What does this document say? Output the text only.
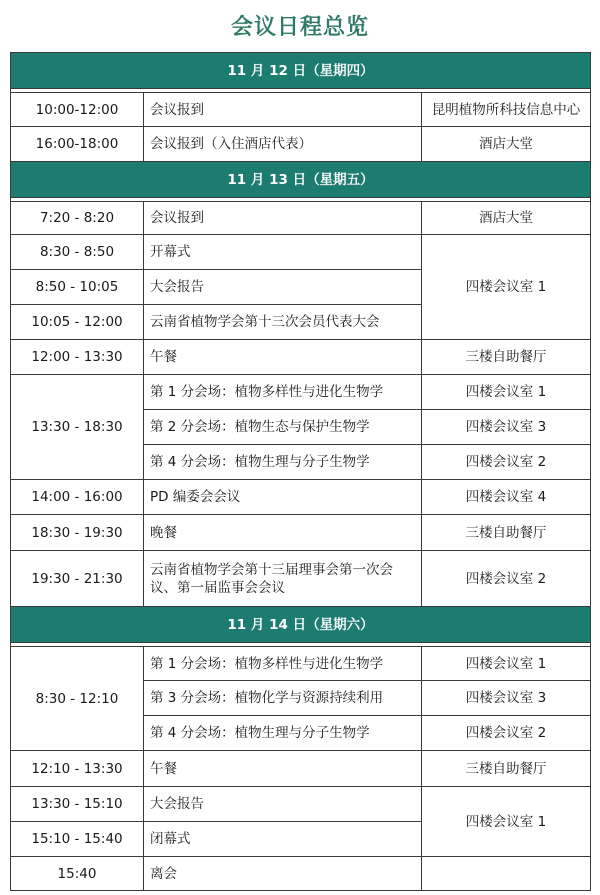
会议日程总览
11 月 12 日（星期四）		

10:00-12:00	会议报到	昆明植物所科技信息中心
16:00-18:00	会议报到（入住酒店代表）	酒店大堂
11 月 13 日（星期五）		

7:20 - 8:20	会议报到	酒店大堂
8:30 - 8:50	开幕式	四楼会议室 1
8:50 - 10:05	大会报告	
10:05 - 12:00	云南省植物学会第十三次会员代表大会	
12:00 - 13:30	午餐	三楼自助餐厅
13:30 - 18:30	第 1 分会场：植物多样性与进化生物学	四楼会议室 1
	第 2 分会场：植物生态与保护生物学	四楼会议室 3
	第 4 分会场：植物生理与分子生物学	四楼会议室 2
14:00 - 16:00	PD 编委会会议	四楼会议室 4
18:30 - 19:30	晚餐	三楼自助餐厅
19:30 - 21:30	云南省植物学会第十三届理事会第一次会议、第一届监事会会议	四楼会议室 2
11 月 14 日（星期六）		

8:30 - 12:10	第 1 分会场：植物多样性与进化生物学	四楼会议室 1
	第 3 分会场：植物化学与资源持续利用	四楼会议室 3
	第 4 分会场：植物生理与分子生物学	四楼会议室 2
12:10 - 13:30	午餐	三楼自助餐厅
13:30 - 15:10	大会报告	四楼会议室 1
15:10 - 15:40	闭幕式	
15:40	离会	
